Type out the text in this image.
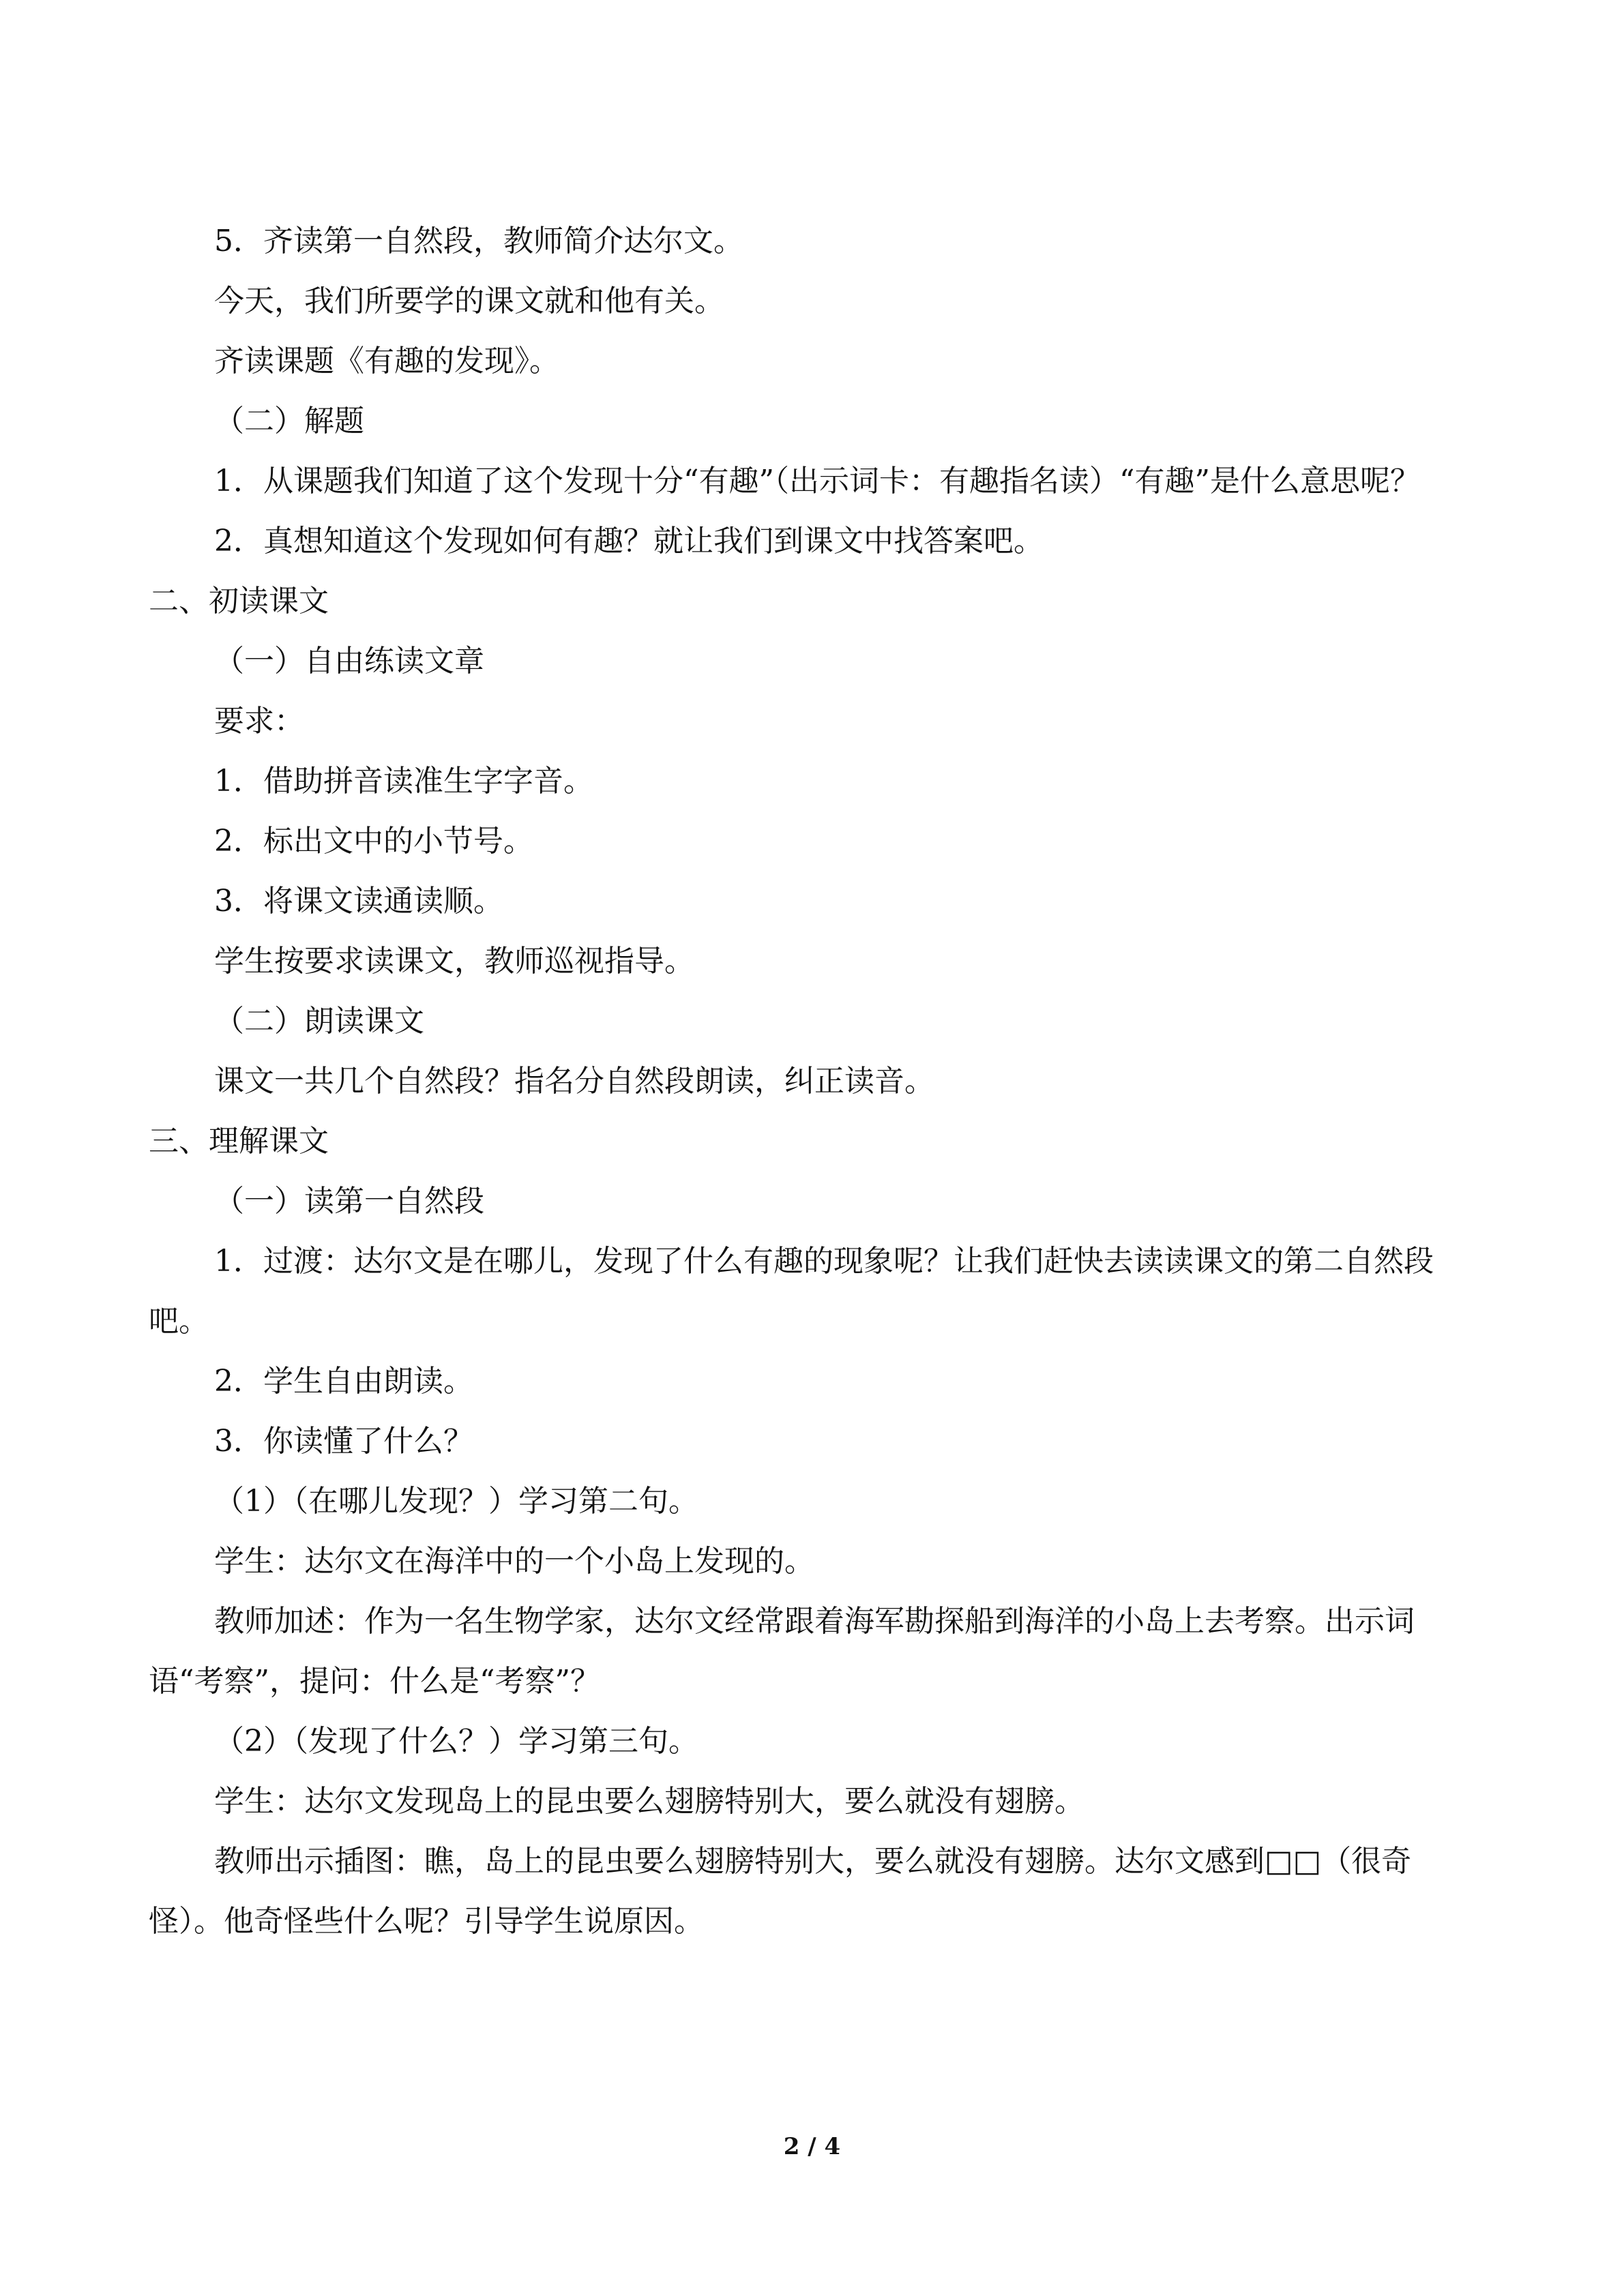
5．齐读第一自然段，教师简介达尔文。
今天，我们所要学的课文就和他有关。
齐读课题《有趣的发现》。
（二）解题
1．从课题我们知道了这个发现十分“有趣”（出示词卡：有趣指名读）“有趣”是什么意思呢？
2．真想知道这个发现如何有趣？就让我们到课文中找答案吧。
二、初读课文
（一）自由练读文章
要求：
1．借助拼音读准生字字音。
2．标出文中的小节号。
3．将课文读通读顺。
学生按要求读课文，教师巡视指导。
（二）朗读课文
课文一共几个自然段？指名分自然段朗读，纠正读音。
三、理解课文
（一）读第一自然段
1．过渡：达尔文是在哪儿，发现了什么有趣的现象呢？让我们赶快去读读课文的第二自然段吧。
2．学生自由朗读。
3．你读懂了什么？
（1）（在哪儿发现？）学习第二句。
学生：达尔文在海洋中的一个小岛上发现的。
教师加述：作为一名生物学家，达尔文经常跟着海军勘探船到海洋的小岛上去考察。出示词语“考察”，提问：什么是“考察”？
（2）（发现了什么？）学习第三句。
学生：达尔文发现岛上的昆虫要么翅膀特别大，要么就没有翅膀。
教师出示插图：瞧，岛上的昆虫要么翅膀特别大，要么就没有翅膀。达尔文感到□□（很奇怪）。他奇怪些什么呢？引导学生说原因。
2 / 4
